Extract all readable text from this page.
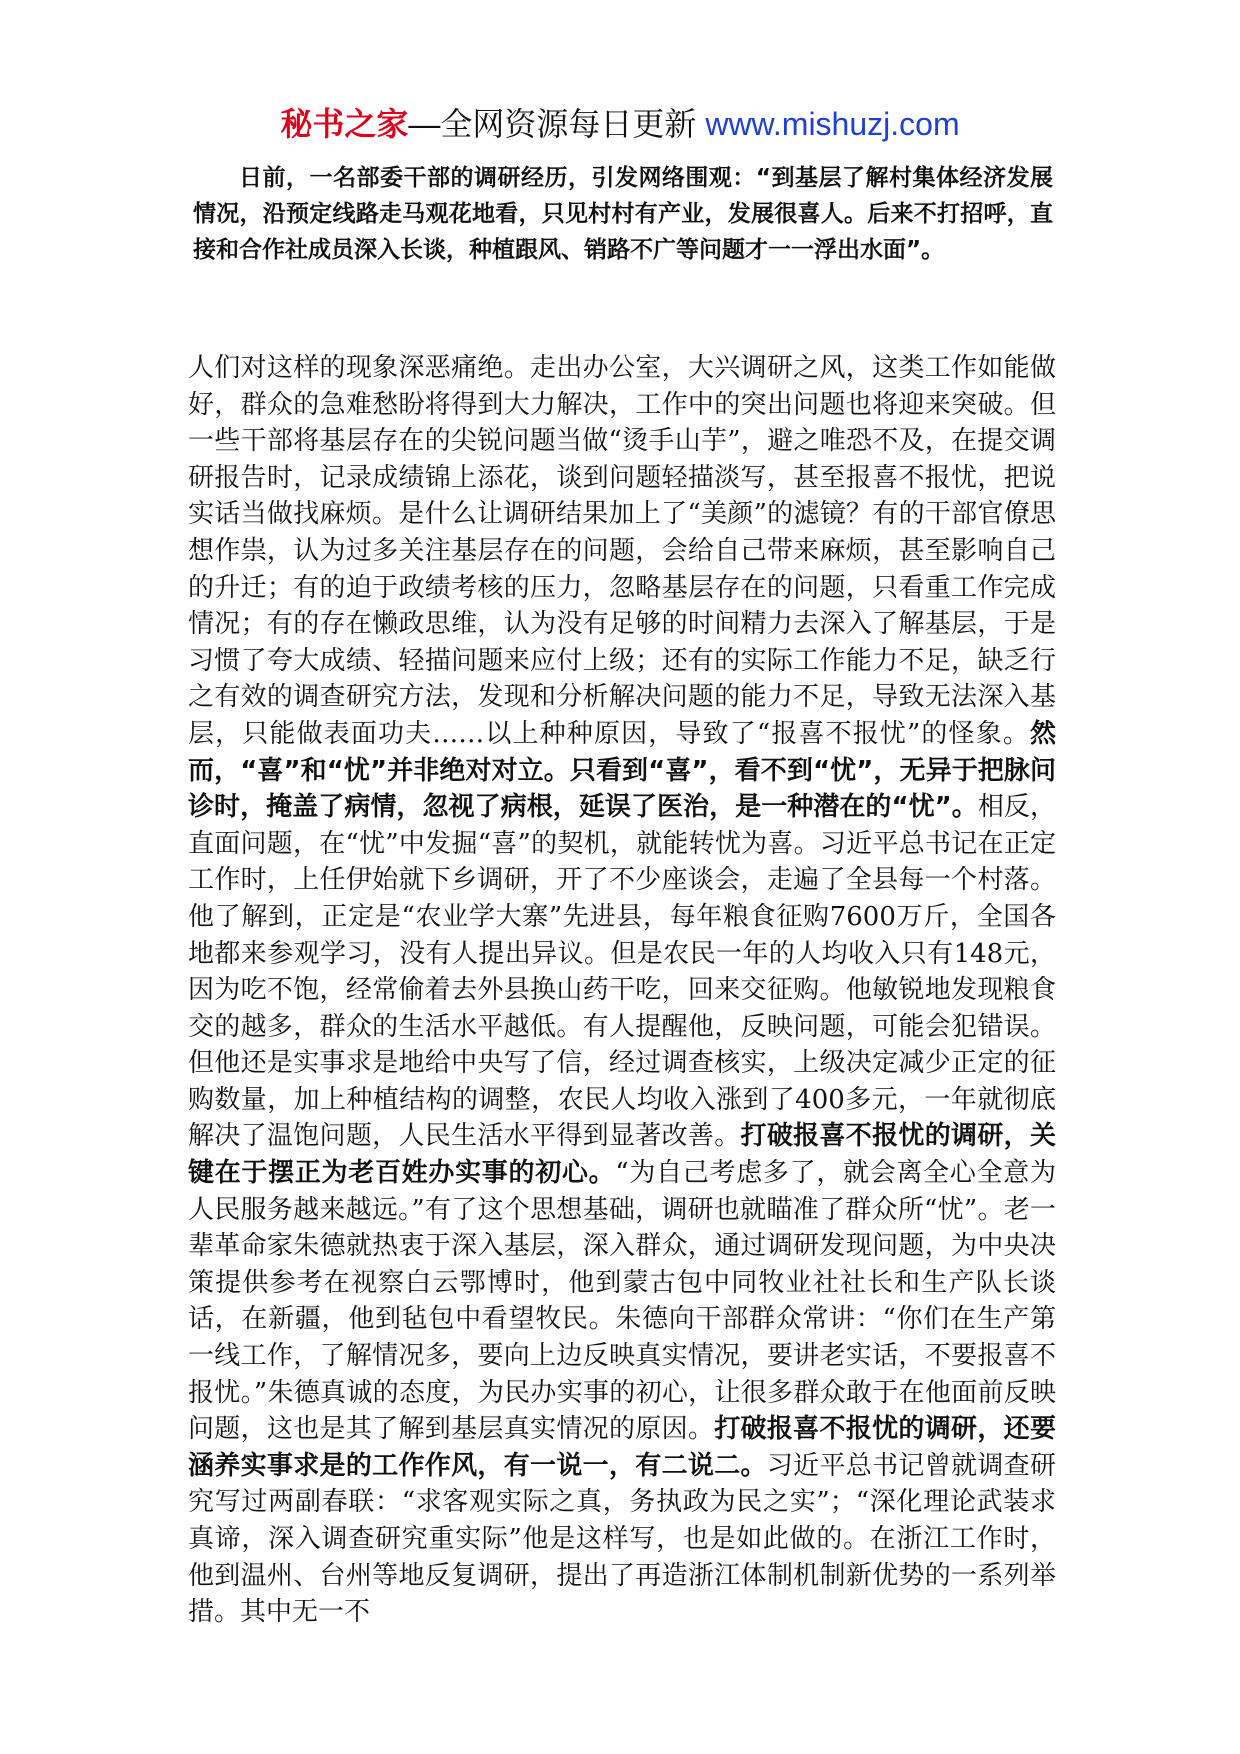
秘书之家—全网资源每日更新 www.mishuzj.com

日前，一名部委干部的调研经历，引发网络围观：“到基层了解村集体经济发展情况，沿预定线路走马观花地看，只见村村有产业，发展很喜人。后来不打招呼，直接和合作社成员深入长谈，种植跟风、销路不广等问题才一一浮出水面”。

人们对这样的现象深恶痛绝。走出办公室，大兴调研之风，这类工作如能做好，群众的急难愁盼将得到大力解决，工作中的突出问题也将迎来突破。但一些干部将基层存在的尖锐问题当做“烫手山芋”，避之唯恐不及，在提交调研报告时，记录成绩锦上添花，谈到问题轻描淡写，甚至报喜不报忧，把说实话当做找麻烦。是什么让调研结果加上了“美颜”的滤镜？有的干部官僚思想作祟，认为过多关注基层存在的问题，会给自己带来麻烦，甚至影响自己的升迁；有的迫于政绩考核的压力，忽略基层存在的问题，只看重工作完成情况；有的存在懒政思维，认为没有足够的时间精力去深入了解基层，于是习惯了夸大成绩、轻描问题来应付上级；还有的实际工作能力不足，缺乏行之有效的调查研究方法，发现和分析解决问题的能力不足，导致无法深入基层，只能做表面功夫……以上种种原因，导致了“报喜不报忧”的怪象。然而，“喜”和“忧”并非绝对对立。只看到“喜”，看不到“忧”，无异于把脉问诊时，掩盖了病情，忽视了病根，延误了医治，是一种潜在的“忧”。相反，直面问题，在“忧”中发掘“喜”的契机，就能转忧为喜。习近平总书记在正定工作时，上任伊始就下乡调研，开了不少座谈会，走遍了全县每一个村落。他了解到，正定是“农业学大寨”先进县，每年粮食征购7600万斤，全国各地都来参观学习，没有人提出异议。但是农民一年的人均收入只有148元，因为吃不饱，经常偷着去外县换山药干吃，回来交征购。他敏锐地发现粮食交的越多，群众的生活水平越低。有人提醒他，反映问题，可能会犯错误。但他还是实事求是地给中央写了信，经过调查核实，上级决定减少正定的征购数量，加上种植结构的调整，农民人均收入涨到了400多元，一年就彻底解决了温饱问题，人民生活水平得到显著改善。打破报喜不报忧的调研，关键在于摆正为老百姓办实事的初心。“为自己考虑多了，就会离全心全意为人民服务越来越远。”有了这个思想基础，调研也就瞄准了群众所“忧”。老一辈革命家朱德就热衷于深入基层，深入群众，通过调研发现问题，为中央决策提供参考在视察白云鄂博时，他到蒙古包中同牧业社社长和生产队长谈话，在新疆，他到毡包中看望牧民。朱德向干部群众常讲：“你们在生产第一线工作，了解情况多，要向上边反映真实情况，要讲老实话，不要报喜不报忧。”朱德真诚的态度，为民办实事的初心，让很多群众敢于在他面前反映问题，这也是其了解到基层真实情况的原因。打破报喜不报忧的调研，还要涵养实事求是的工作作风，有一说一，有二说二。习近平总书记曾就调查研究写过两副春联：“求客观实际之真，务执政为民之实”；“深化理论武装求真谛，深入调查研究重实际”他是这样写，也是如此做的。在浙江工作时，他到温州、台州等地反复调研，提出了再造浙江体制机制新优势的一系列举措。其中无一不
